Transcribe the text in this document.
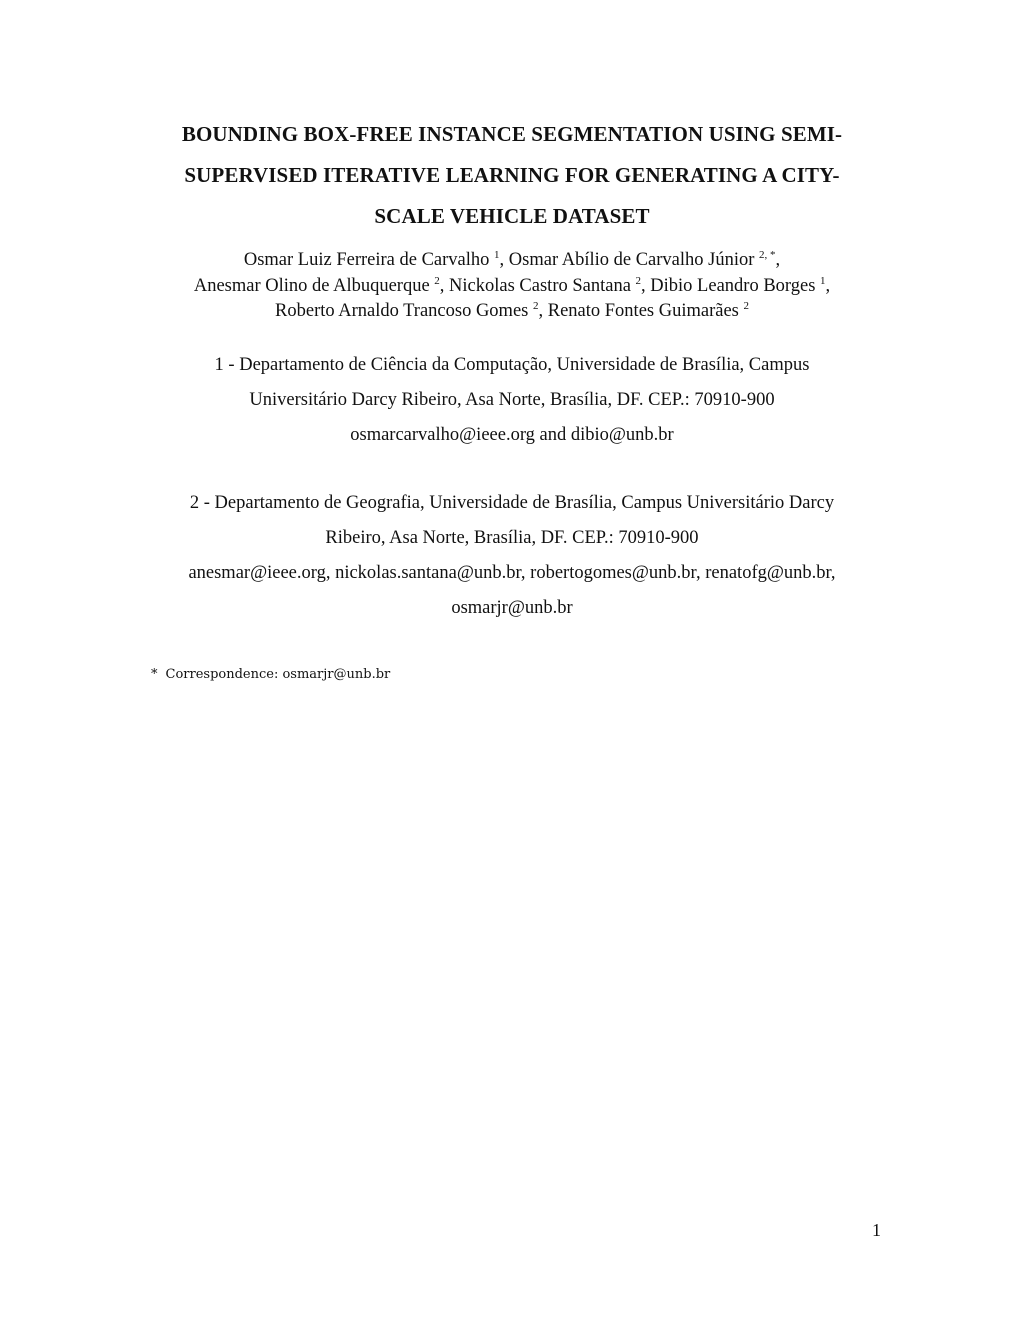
BOUNDING BOX-FREE INSTANCE SEGMENTATION USING SEMI-
SUPERVISED ITERATIVE LEARNING FOR GENERATING A CITY-
SCALE VEHICLE DATASET
Osmar Luiz Ferreira de Carvalho $^1$, Osmar Abílio de Carvalho Júnior $^{2, *}$,
Anesmar Olino de Albuquerque $^2$, Nickolas Castro Santana $^2$, Dibio Leandro Borges $^1$,
Roberto Arnaldo Trancoso Gomes $^2$, Renato Fontes Guimarães $^2$
1 - Departamento de Ciência da Computação, Universidade de Brasília, Campus
Universitário Darcy Ribeiro, Asa Norte, Brasília, DF. CEP.: 70910-900
osmarcarvalho@ieee.org and dibio@unb.br
2 - Departamento de Geografia, Universidade de Brasília, Campus Universitário Darcy
Ribeiro, Asa Norte, Brasília, DF. CEP.: 70910-900
anesmar@ieee.org, nickolas.santana@unb.br, robertogomes@unb.br, renatofg@unb.br,
osmarjr@unb.br
* Correspondence: osmarjr@unb.br
1
